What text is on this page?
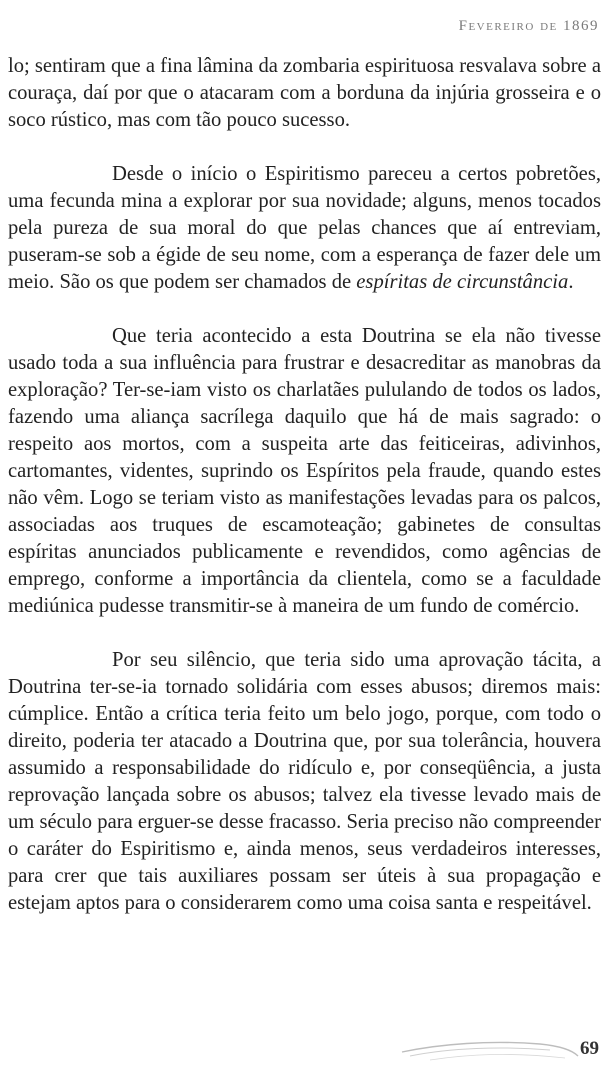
Fevereiro de 1869

lo; sentiram que a fina lâmina da zombaria espirituosa resvalava sobre a couraça, daí por que o atacaram com a borduna da injúria grosseira e o soco rústico, mas com tão pouco sucesso.

Desde o início o Espiritismo pareceu a certos pobretões, uma fecunda mina a explorar por sua novidade; alguns, menos tocados pela pureza de sua moral do que pelas chances que aí entreviam, puseram-se sob a égide de seu nome, com a esperança de fazer dele um meio. São os que podem ser chamados de espíritas de circunstância.

Que teria acontecido a esta Doutrina se ela não tivesse usado toda a sua influência para frustrar e desacreditar as manobras da exploração? Ter-se-iam visto os charlatães pululando de todos os lados, fazendo uma aliança sacrílega daquilo que há de mais sagrado: o respeito aos mortos, com a suspeita arte das feiticeiras, adivinhos, cartomantes, videntes, suprindo os Espíritos pela fraude, quando estes não vêm. Logo se teriam visto as manifestações levadas para os palcos, associadas aos truques de escamoteação; gabinetes de consultas espíritas anunciados publicamente e revendidos, como agências de emprego, conforme a importância da clientela, como se a faculdade mediúnica pudesse transmitir-se à maneira de um fundo de comércio.

Por seu silêncio, que teria sido uma aprovação tácita, a Doutrina ter-se-ia tornado solidária com esses abusos; diremos mais: cúmplice. Então a crítica teria feito um belo jogo, porque, com todo o direito, poderia ter atacado a Doutrina que, por sua tolerância, houvera assumido a responsabilidade do ridículo e, por conseqüência, a justa reprovação lançada sobre os abusos; talvez ela tivesse levado mais de um século para erguer-se desse fracasso. Seria preciso não compreender o caráter do Espiritismo e, ainda menos, seus verdadeiros interesses, para crer que tais auxiliares possam ser úteis à sua propagação e estejam aptos para o considerarem como uma coisa santa e respeitável.

69
